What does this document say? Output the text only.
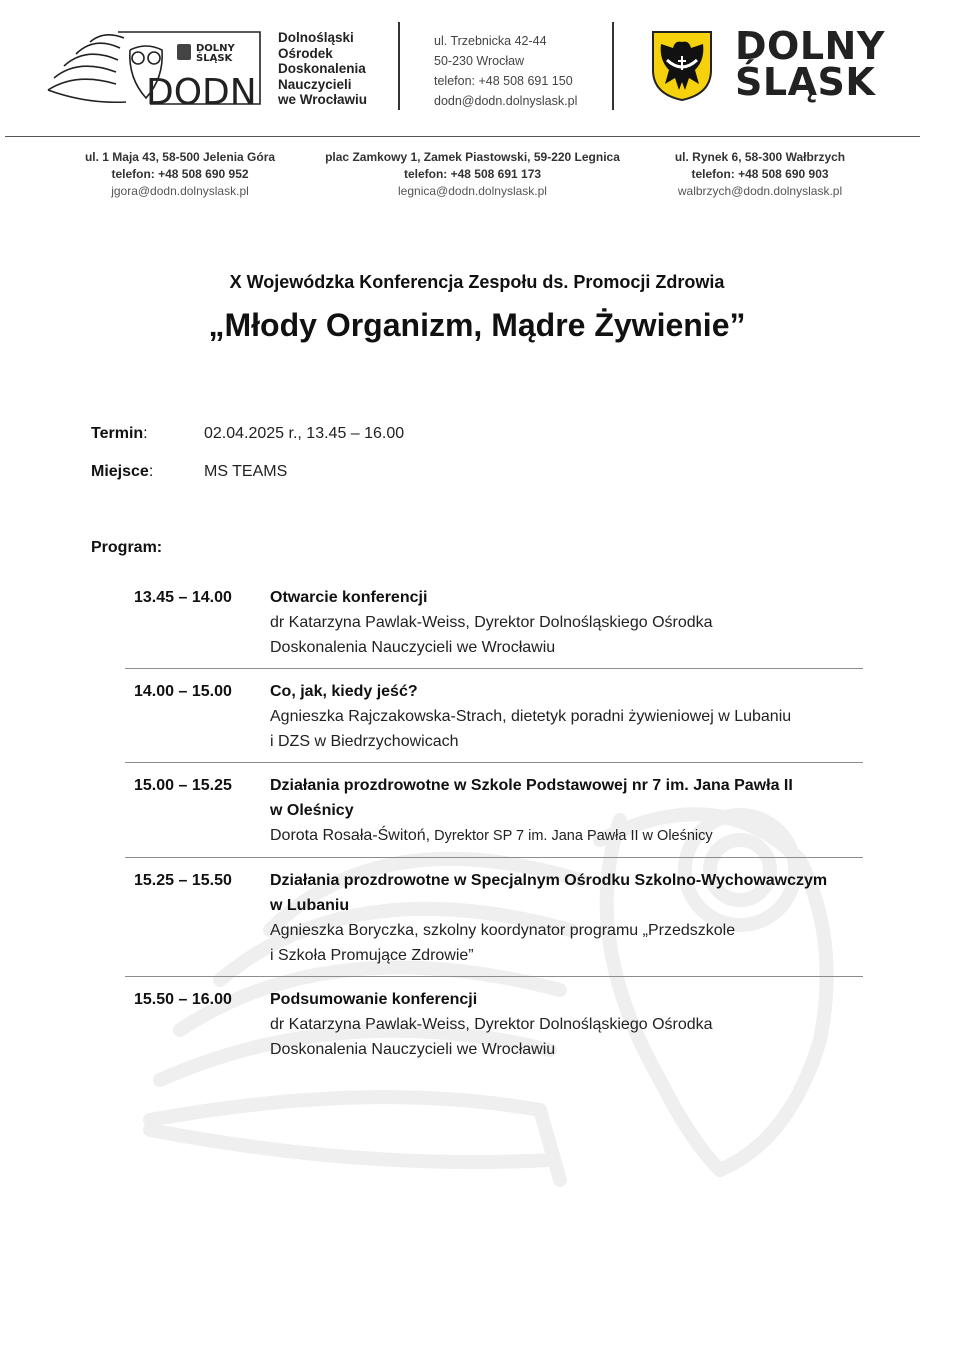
DOLNY
ŚLĄSK
DODN
Dolnośląski
Ośrodek
Doskonalenia
Nauczycieli
we Wrocławiu
ul. Trzebnicka 42-44
50-230 Wrocław
telefon: +48 508 691 150
dodn@dodn.dolnyslask.pl
DOLNY
ŚLĄSK
ul. 1 Maja 43, 58-500 Jelenia Góra
telefon: +48 508 690 952
jgora@dodn.dolnyslask.pl
plac Zamkowy 1, Zamek Piastowski, 59-220 Legnica
telefon: +48 508 691 173
legnica@dodn.dolnyslask.pl
ul. Rynek 6, 58-300 Wałbrzych
telefon: +48 508 690 903
walbrzych@dodn.dolnyslask.pl
X Wojewódzka Konferencja Zespołu ds. Promocji Zdrowia
„Młody Organizm, Mądre Żywienie”
Termin:	02.04.2025 r., 13.45 – 16.00
Miejsce:	MS TEAMS
Program:
13.45 – 14.00 Otwarcie konferencji
dr Katarzyna Pawlak-Weiss, Dyrektor Dolnośląskiego Ośrodka
Doskonalenia Nauczycieli we Wrocławiu
14.00 – 15.00 Co, jak, kiedy jeść?
Agnieszka Rajczakowska-Strach, dietetyk poradni żywieniowej w Lubaniu
i DZS w Biedrzychowicach
15.00 – 15.25 Działania prozdrowotne w Szkole Podstawowej nr 7 im. Jana Pawła II
w Oleśnicy
Dorota Rosała-Świtoń, Dyrektor SP 7 im. Jana Pawła II w Oleśnicy
15.25 – 15.50 Działania prozdrowotne w Specjalnym Ośrodku Szkolno-Wychowawczym
w Lubaniu
Agnieszka Boryczka, szkolny koordynator programu „Przedszkole
i Szkoła Promujące Zdrowie”
15.50 – 16.00 Podsumowanie konferencji
dr Katarzyna Pawlak-Weiss, Dyrektor Dolnośląskiego Ośrodka
Doskonalenia Nauczycieli we Wrocławiu
